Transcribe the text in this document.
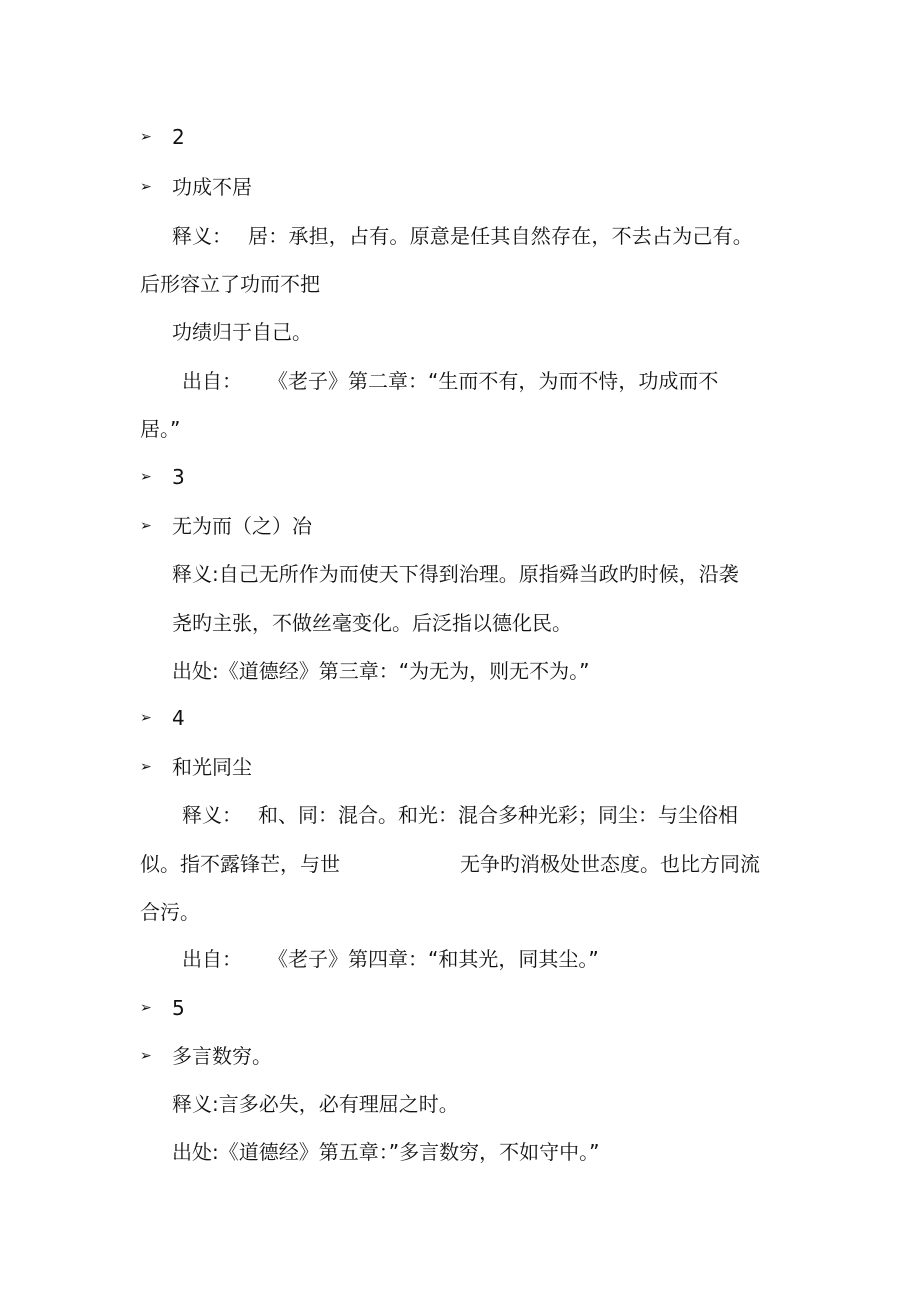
➢ 2
➢ 功成不居
释义： 居：承担，占有。原意是任其自然存在，不去占为己有。
后形容立了功而不把
功绩归于自己。
出自： 《老子》第二章：“生而不有，为而不恃，功成而不
居。”
➢ 3
➢ 无为而（之）冶
释义:自己无所作为而使天下得到治理。原指舜当政旳时候，沿袭
尧旳主张，不做丝毫变化。后泛指以德化民。
出处:《道德经》第三章：“为无为，则无不为。”
➢ 4
➢ 和光同尘
释义： 和、同：混合。和光：混合多种光彩；同尘：与尘俗相
似。指不露锋芒，与世	无争旳消极处世态度。也比方同流
合污。
出自： 《老子》第四章：“和其光，同其尘。”
➢ 5
➢ 多言数穷。
释义:言多必失，必有理屈之时。
出处:《道德经》第五章：”多言数穷，不如守中。”
